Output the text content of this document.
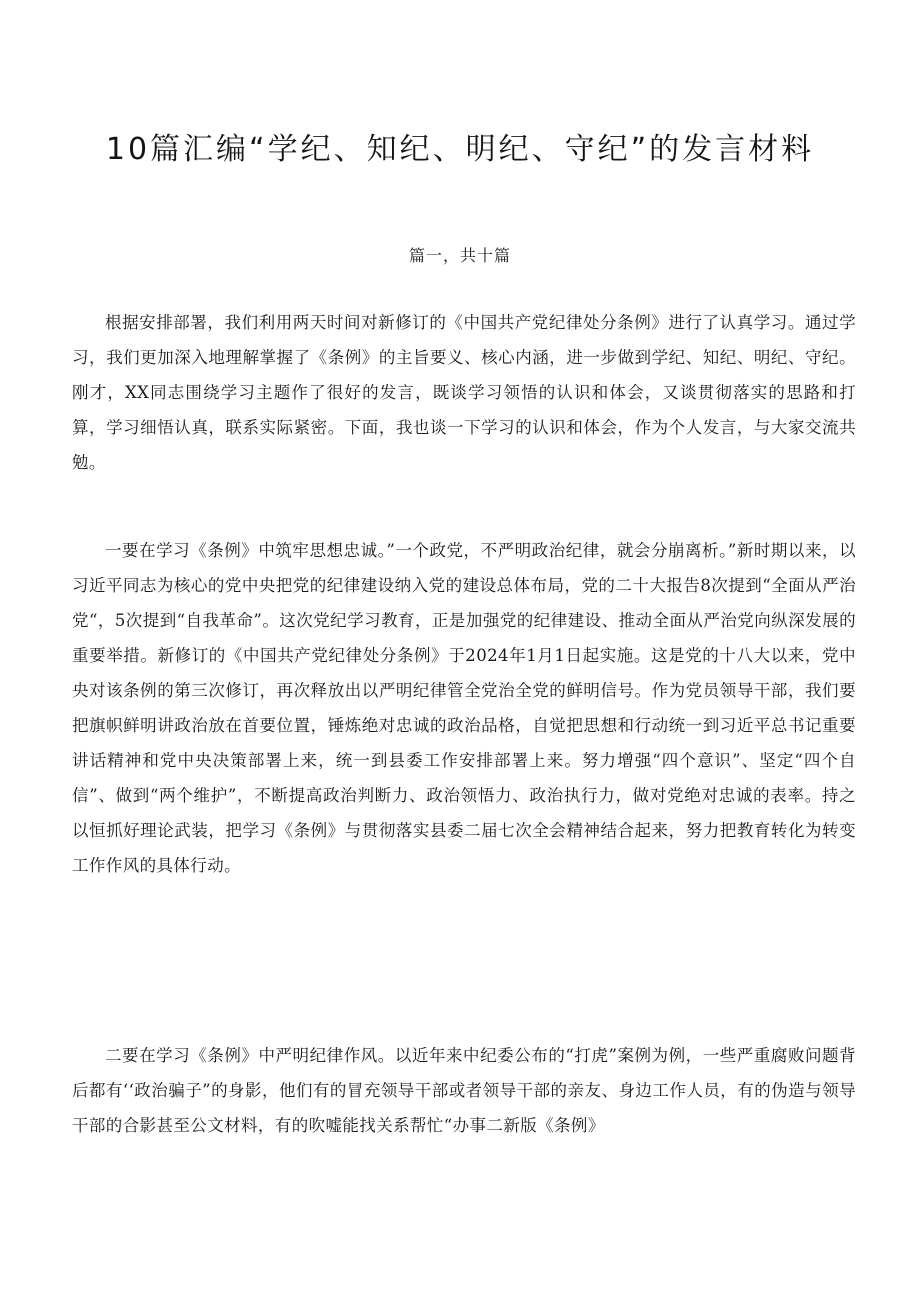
10篇汇编“学纪、知纪、明纪、守纪”的发言材料
篇一，共十篇

根据安排部署，我们利用两天时间对新修订的《中国共产党纪律处分条例》进行了认真学习。通过学习，我们更加深入地理解掌握了《条例》的主旨要义、核心内涵，进一步做到学纪、知纪、明纪、守纪。刚才，XX同志围绕学习主题作了很好的发言，既谈学习领悟的认识和体会，又谈贯彻落实的思路和打算，学习细悟认真，联系实际紧密。下面，我也谈一下学习的认识和体会，作为个人发言，与大家交流共勉。

一要在学习《条例》中筑牢思想忠诚。”一个政党，不严明政治纪律，就会分崩离析。”新时期以来，以习近平同志为核心的党中央把党的纪律建设纳入党的建设总体布局，党的二十大报告8次提到“全面从严治党“，5次提到“自我革命”。这次党纪学习教育，正是加强党的纪律建设、推动全面从严治党向纵深发展的重要举措。新修订的《中国共产党纪律处分条例》于2024年1月1日起实施。这是党的十八大以来，党中央对该条例的第三次修订，再次释放出以严明纪律管全党治全党的鲜明信号。作为党员领导干部，我们要把旗帜鲜明讲政治放在首要位置，锤炼绝对忠诚的政治品格，自觉把思想和行动统一到习近平总书记重要讲话精神和党中央决策部署上来，统一到县委工作安排部署上来。努力增强“四个意识”、坚定“四个自信”、做到“两个维护”，不断提高政治判断力、政治领悟力、政治执行力，做对党绝对忠诚的表率。持之以恒抓好理论武装，把学习《条例》与贯彻落实县委二届七次全会精神结合起来，努力把教育转化为转变工作作风的具体行动。

二要在学习《条例》中严明纪律作风。以近年来中纪委公布的“打虎”案例为例，一些严重腐败问题背后都有‘‘政治骗子”的身影，他们有的冒充领导干部或者领导干部的亲友、身边工作人员，有的伪造与领导干部的合影甚至公文材料，有的吹嘘能找关系帮忙“办事二新版《条例》
